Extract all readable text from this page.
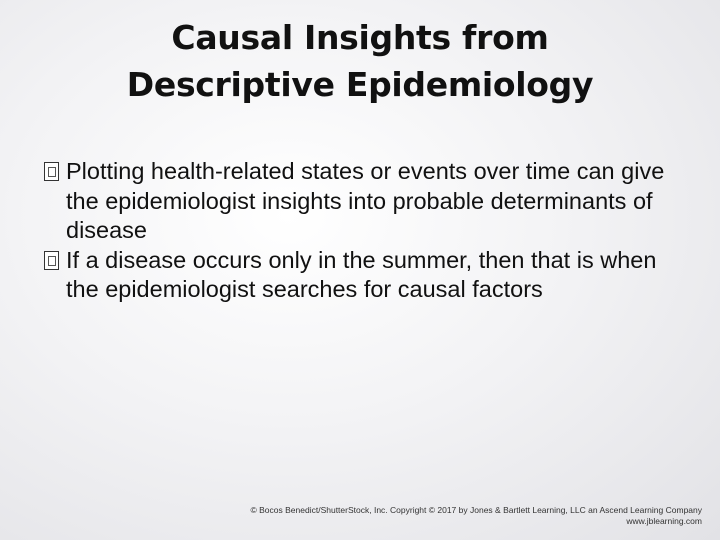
Causal Insights from
Descriptive Epidemiology
Plotting health-related states or events over time can give the epidemiologist insights into probable determinants of disease
If a disease occurs only in the summer, then that is when the epidemiologist searches for causal factors
© Bocos Benedict/ShutterStock, Inc. Copyright © 2017 by Jones & Bartlett Learning, LLC an Ascend Learning Company
www.jblearning.com
